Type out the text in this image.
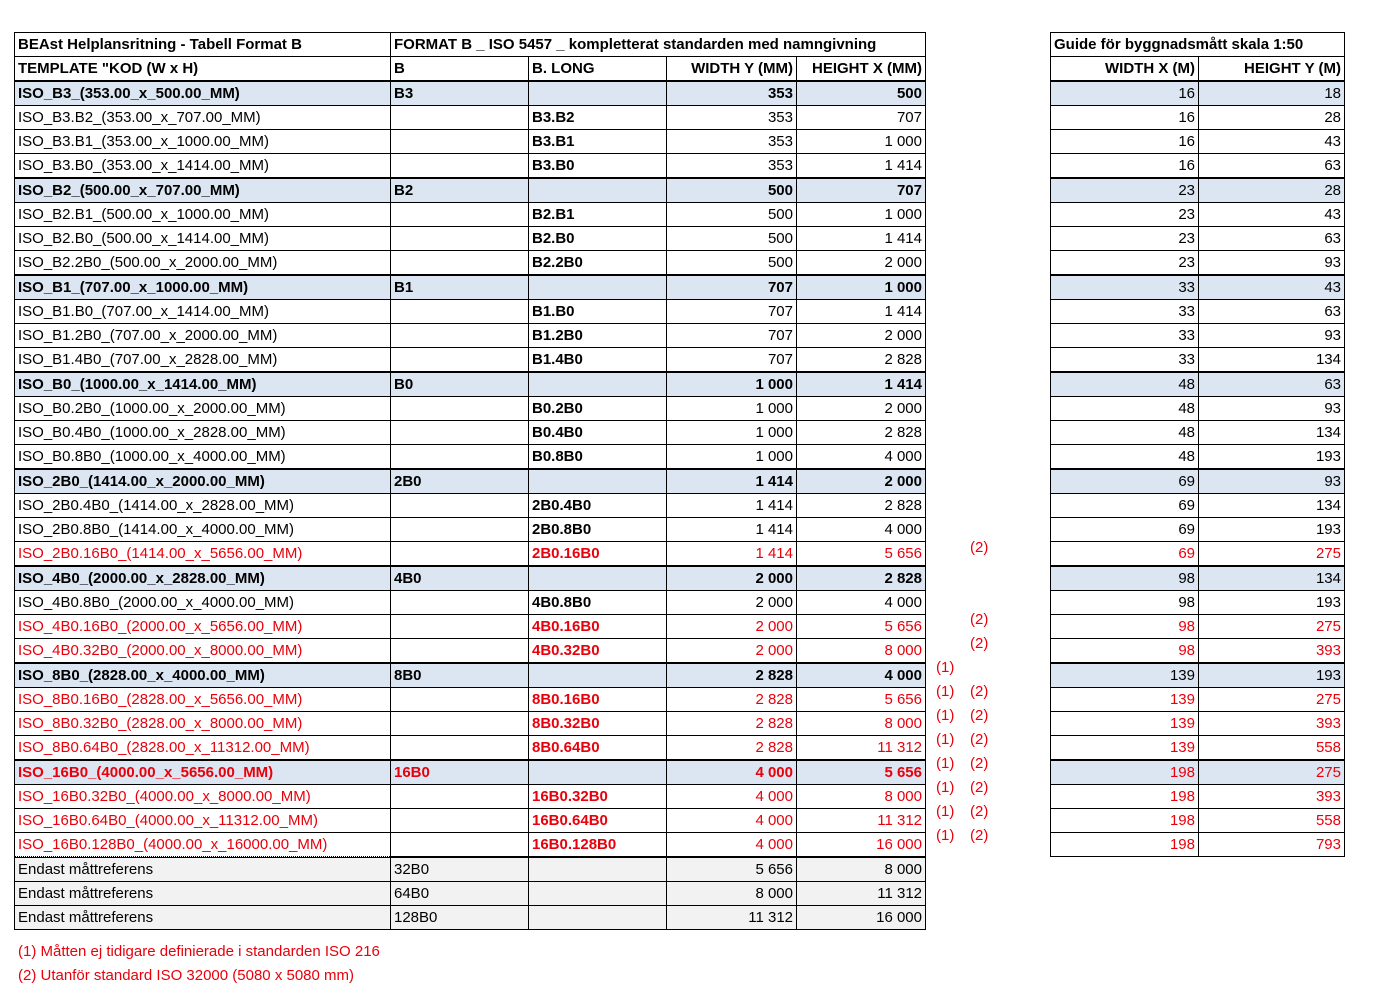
BEAst Helplansritning - Tabell Format B	FORMAT B _ ISO 5457 _ kompletterat standarden med namngivning			
TEMPLATE "KOD (W x H)	B	B. LONG	WIDTH Y (MM)	HEIGHT X (MM)
ISO_B3_(353.00_x_500.00_MM)	B3		353	500
ISO_B3.B2_(353.00_x_707.00_MM)		B3.B2	353	707
ISO_B3.B1_(353.00_x_1000.00_MM)		B3.B1	353	1 000
ISO_B3.B0_(353.00_x_1414.00_MM)		B3.B0	353	1 414
ISO_B2_(500.00_x_707.00_MM)	B2		500	707
ISO_B2.B1_(500.00_x_1000.00_MM)		B2.B1	500	1 000
ISO_B2.B0_(500.00_x_1414.00_MM)		B2.B0	500	1 414
ISO_B2.2B0_(500.00_x_2000.00_MM)		B2.2B0	500	2 000
ISO_B1_(707.00_x_1000.00_MM)	B1		707	1 000
ISO_B1.B0_(707.00_x_1414.00_MM)		B1.B0	707	1 414
ISO_B1.2B0_(707.00_x_2000.00_MM)		B1.2B0	707	2 000
ISO_B1.4B0_(707.00_x_2828.00_MM)		B1.4B0	707	2 828
ISO_B0_(1000.00_x_1414.00_MM)	B0		1 000	1 414
ISO_B0.2B0_(1000.00_x_2000.00_MM)		B0.2B0	1 000	2 000
ISO_B0.4B0_(1000.00_x_2828.00_MM)		B0.4B0	1 000	2 828
ISO_B0.8B0_(1000.00_x_4000.00_MM)		B0.8B0	1 000	4 000
ISO_2B0_(1414.00_x_2000.00_MM)	2B0		1 414	2 000
ISO_2B0.4B0_(1414.00_x_2828.00_MM)		2B0.4B0	1 414	2 828
ISO_2B0.8B0_(1414.00_x_4000.00_MM)		2B0.8B0	1 414	4 000
ISO_2B0.16B0_(1414.00_x_5656.00_MM)		2B0.16B0	1 414	5 656
ISO_4B0_(2000.00_x_2828.00_MM)	4B0		2 000	2 828
ISO_4B0.8B0_(2000.00_x_4000.00_MM)		4B0.8B0	2 000	4 000
ISO_4B0.16B0_(2000.00_x_5656.00_MM)		4B0.16B0	2 000	5 656
ISO_4B0.32B0_(2000.00_x_8000.00_MM)		4B0.32B0	2 000	8 000
ISO_8B0_(2828.00_x_4000.00_MM)	8B0		2 828	4 000
ISO_8B0.16B0_(2828.00_x_5656.00_MM)		8B0.16B0	2 828	5 656
ISO_8B0.32B0_(2828.00_x_8000.00_MM)		8B0.32B0	2 828	8 000
ISO_8B0.64B0_(2828.00_x_11312.00_MM)		8B0.64B0	2 828	11 312
ISO_16B0_(4000.00_x_5656.00_MM)	16B0		4 000	5 656
ISO_16B0.32B0_(4000.00_x_8000.00_MM)		16B0.32B0	4 000	8 000
ISO_16B0.64B0_(4000.00_x_11312.00_MM)		16B0.64B0	4 000	11 312
ISO_16B0.128B0_(4000.00_x_16000.00_MM)		16B0.128B0	4 000	16 000
(2)
(2)
(2)
(1)
(1) (2)
(1) (2)
(1) (2)
(1) (2)
(1) (2)
(1) (2)
(1) (2)
Guide för byggnadsmått skala 1:50	
WIDTH X (M)	HEIGHT Y (M)
16	18
16	28
16	43
16	63
23	28
23	43
23	63
23	93
33	43
33	63
33	93
33	134
48	63
48	93
48	134
48	193
69	93
69	134
69	193
69	275
98	134
98	193
98	275
98	393
139	193
139	275
139	393
139	558
198	275
198	393
198	558
198	793
Endast måttreferens	32B0		5 656	8 000
Endast måttreferens	64B0		8 000	11 312
Endast måttreferens	128B0		11 312	16 000
(1) Måtten ej tidigare definierade i standarden ISO 216
(2) Utanför standard ISO 32000 (5080 x 5080 mm)
